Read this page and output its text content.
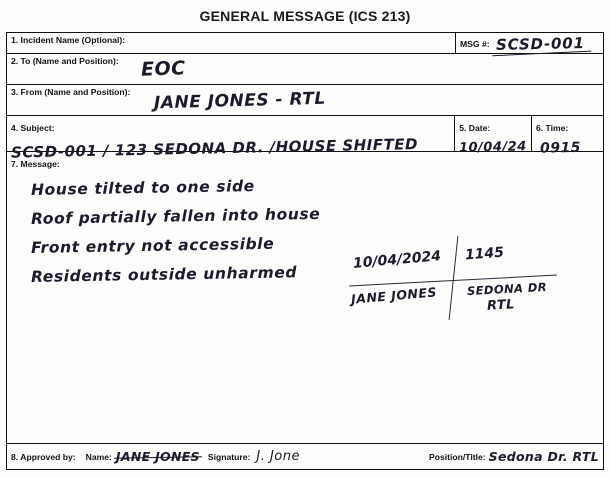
GENERAL MESSAGE (ICS 213)
1. Incident Name (Optional):	MSG #: SCSD-001
2. To (Name and Position): EOC
3. From (Name and Position): JANE JONES - RTL
4. Subject:
SCSD-001 / 123 SEDONA DR. /HOUSE SHIFTED
5. Date:
10/04/24
6. Time:
0915
7. Message:
House tilted to one side
Roof partially fallen into house
Front entry not accessible
Residents outside unharmed
10/04/2024 1145
JANE JONES	SEDONA DR
RTL
8. Approved by: Name: JANE JONES Signature: J. Jone	Position/Title: Sedona Dr. RTL
